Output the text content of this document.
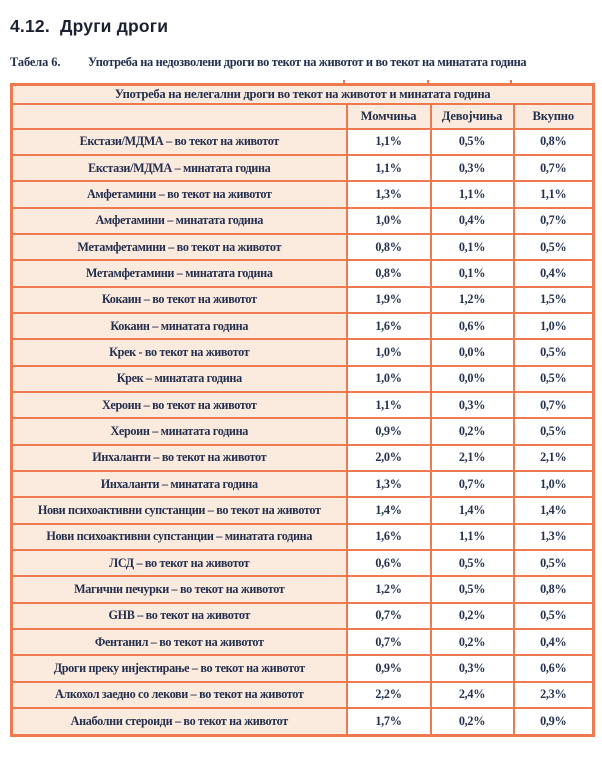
4.12. Други дроги
Табела 6. Употреба на недозволени дроги во текот на животот и во текот на минатата година
Употреба на нелегални дроги во текот на животот и минатата година			
	Момчиња	Девојчиња	Вкупно
Екстази/МДМА – во текот на животот	1,1%	0,5%	0,8%
Екстази/МДМА – минатата година	1,1%	0,3%	0,7%
Амфетамини – во текот на животот	1,3%	1,1%	1,1%
Амфетамини – минатата година	1,0%	0,4%	0,7%
Метамфетамини – во текот на животот	0,8%	0,1%	0,5%
Метамфетамини – минатата година	0,8%	0,1%	0,4%
Кокаин – во текот на животот	1,9%	1,2%	1,5%
Кокаин – минатата година	1,6%	0,6%	1,0%
Крек - во текот на животот	1,0%	0,0%	0,5%
Крек – минатата година	1,0%	0,0%	0,5%
Хероин – во текот на животот	1,1%	0,3%	0,7%
Хероин – минатата година	0,9%	0,2%	0,5%
Инхаланти – во текот на животот	2,0%	2,1%	2,1%
Инхаланти – минатата година	1,3%	0,7%	1,0%
Нови психоактивни супстанции – во текот на животот	1,4%	1,4%	1,4%
Нови психоактивни супстанции – минатата година	1,6%	1,1%	1,3%
ЛСД – во текот на животот	0,6%	0,5%	0,5%
Магични печурки – во текот на животот	1,2%	0,5%	0,8%
GHB – во текот на животот	0,7%	0,2%	0,5%
Фентанил – во текот на животот	0,7%	0,2%	0,4%
Дроги преку инјектирање – во текот на животот	0,9%	0,3%	0,6%
Алкохол заедно со лекови – во текот на животот	2,2%	2,4%	2,3%
Анаболни стероиди – во текот на животот	1,7%	0,2%	0,9%
